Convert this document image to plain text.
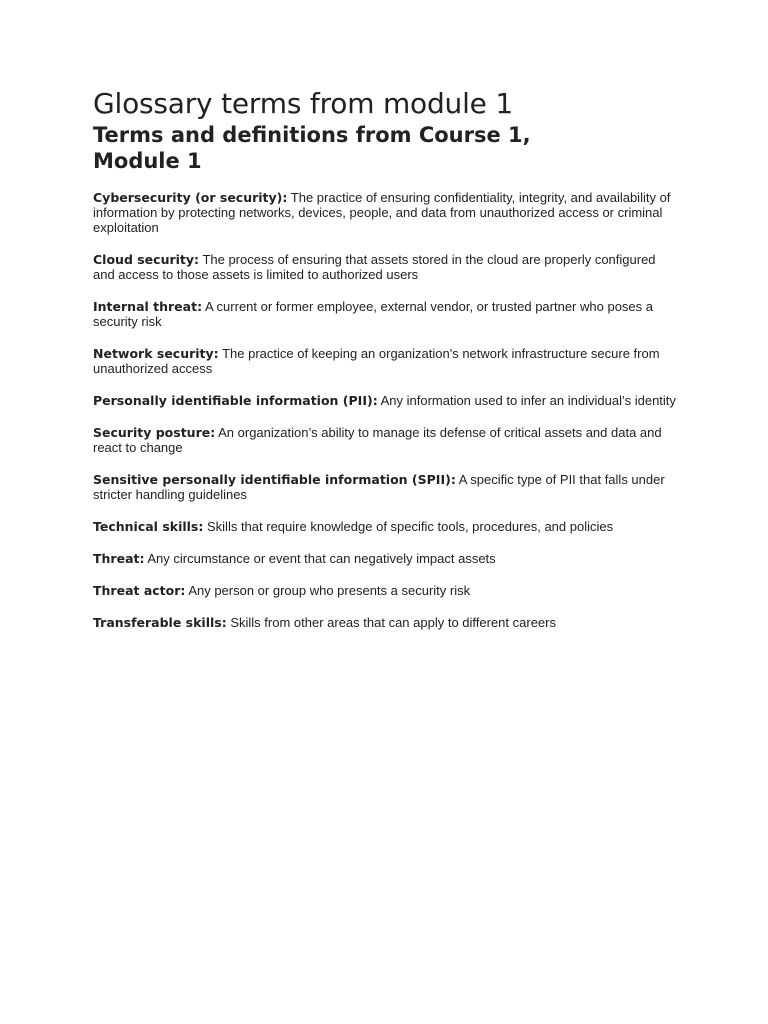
Glossary terms from module 1
Terms and definitions from Course 1, Module 1

Cybersecurity (or security): The practice of ensuring confidentiality, integrity, and availability of information by protecting networks, devices, people, and data from unauthorized access or criminal exploitation

Cloud security: The process of ensuring that assets stored in the cloud are properly configured and access to those assets is limited to authorized users

Internal threat: A current or former employee, external vendor, or trusted partner who poses a security risk

Network security: The practice of keeping an organization's network infrastructure secure from unauthorized access

Personally identifiable information (PII): Any information used to infer an individual’s identity

Security posture: An organization’s ability to manage its defense of critical assets and data and react to change

Sensitive personally identifiable information (SPII): A specific type of PII that falls under stricter handling guidelines

Technical skills: Skills that require knowledge of specific tools, procedures, and policies

Threat: Any circumstance or event that can negatively impact assets

Threat actor: Any person or group who presents a security risk

Transferable skills: Skills from other areas that can apply to different careers
